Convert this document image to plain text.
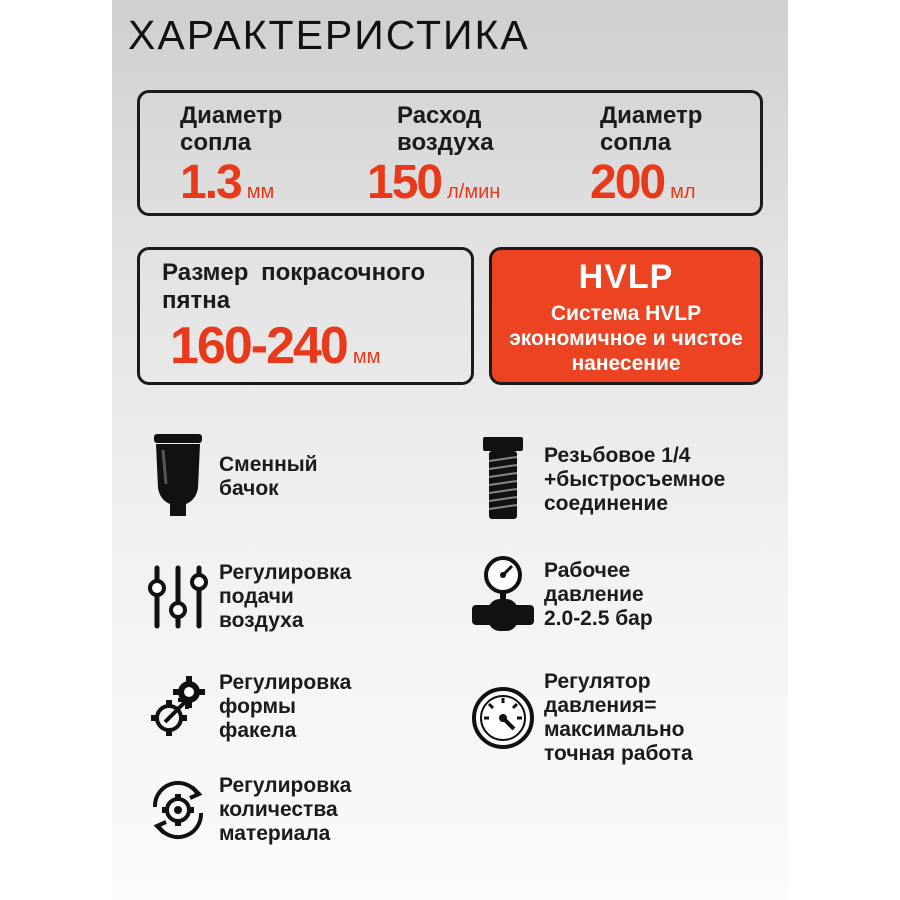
ХАРАКТЕРИСТИКА

Диаметр
сопла

1.3 мм

Расход
воздуха

150 л/мин

Диаметр
сопла

200 мл
Размер покрасочного пятна
160-240 мм
HVLP
Система HVLP экономичное и чистое нанесение
Сменный
бачок
Регулировка
подачи
воздуха
Регулировка
формы
факела
Регулировка
количества
материала
Резьбовое 1/4
+быстросъемное
соединение
Рабочее
давление
2.0-2.5 бар
Регулятор
давления=
максимально
точная работа
